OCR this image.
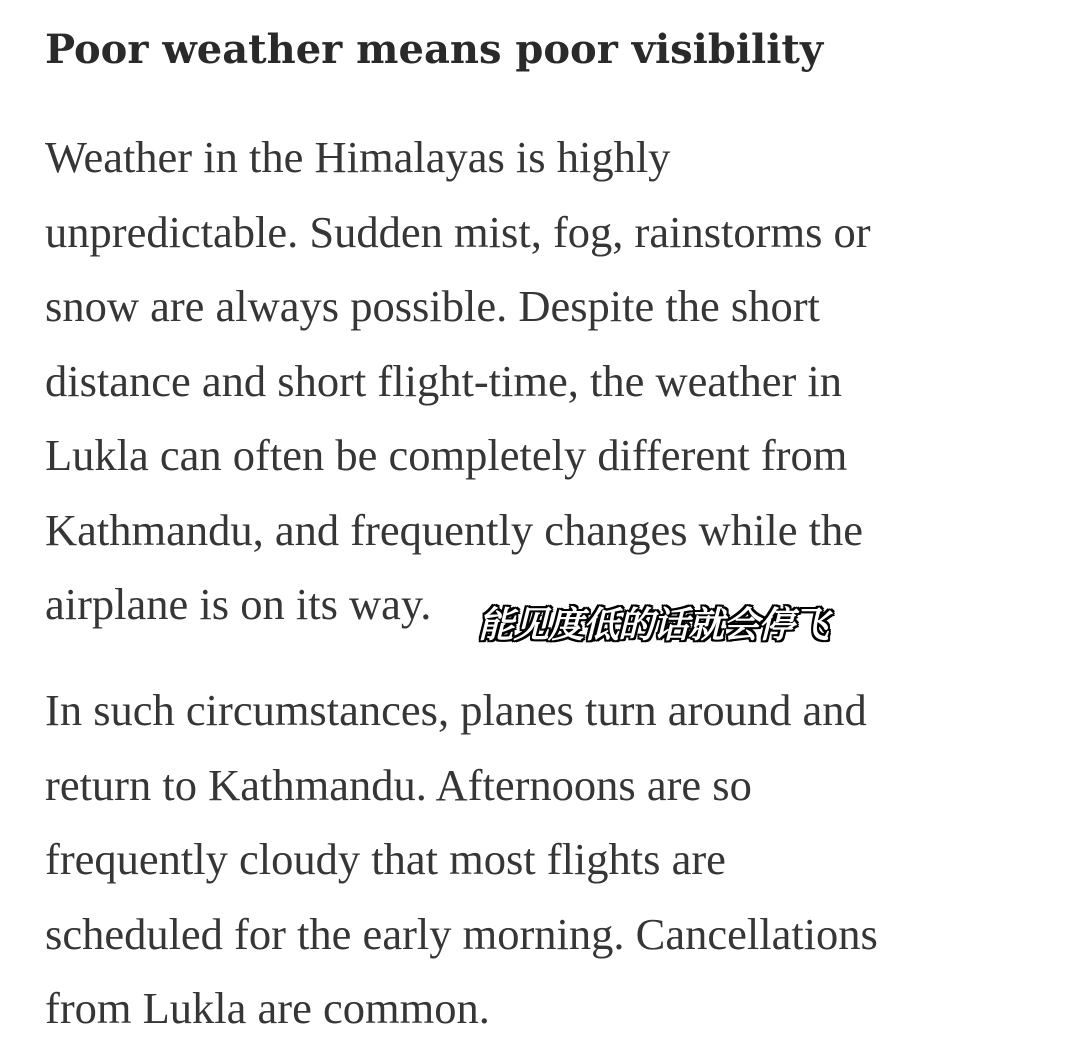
Poor weather means poor visibility
Weather in the Himalayas is highly
unpredictable. Sudden mist, fog, rainstorms or
snow are always possible. Despite the short
distance and short flight-time, the weather in
Lukla can often be completely different from
Kathmandu, and frequently changes while the
airplane is on its way.
In such circumstances, planes turn around and
return to Kathmandu. Afternoons are so
frequently cloudy that most flights are
scheduled for the early morning. Cancellations
from Lukla are common.
能见度低的话就会停飞
